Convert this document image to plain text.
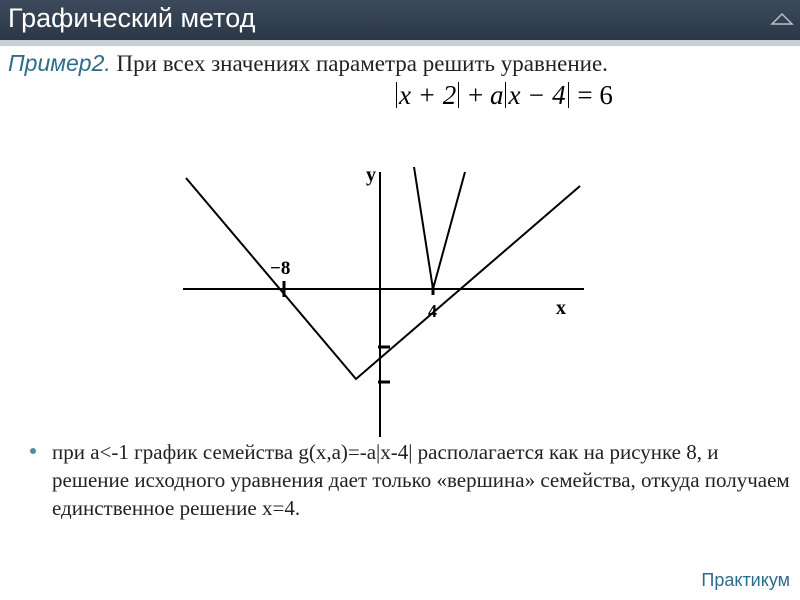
Графический метод
Пример2. При всех значениях параметра решить уравнение.
x + 2 + a x − 4 = 6
y
x
−8
4
при a<-1 график семейства g(x,a)=-a|x-4| располагается как на рисунке 8, и решение исходного уравнения дает только «вершина» семейства, откуда получаем единственное решение x=4.
Практикум
